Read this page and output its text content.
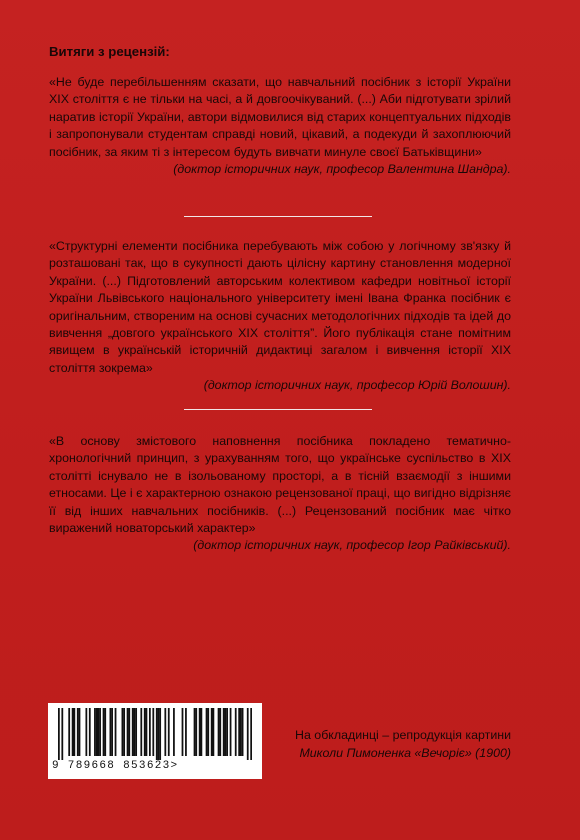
Витяги з рецензій:

«Не буде перебільшенням сказати, що навчальний посібник з історії України ХІХ століття є не тільки на часі, а й довгоочікуваний. (...) Аби підготувати зрілий наратив історії України, автори відмовилися від старих концептуальних підходів і запропонували студентам справді новий, цікавий, а подекуди й захоплюючий посібник, за яким ті з інтересом будуть вивчати минуле своєї Батьківщини»

(доктор історичних наук, професор Валентина Шандра).

«Структурні елементи посібника перебувають між собою у логічному зв'язку й розташовані так, що в сукупності дають цілісну картину становлення модерної України. (...) Підготовлений авторським колективом кафедри новітньої історії України Львівського національного університету імені Івана Франка посібник є оригінальним, створеним на основі сучасних методологічних підходів та ідей до вивчення „довгого українського ХІХ століття”. Його публікація стане помітним явищем в українській історичній дидактиці загалом і вивчення історії ХІХ століття зокрема»

(доктор історичних наук, професор Юрій Волошин).

«В основу змістового наповнення посібника покладено тематично-хронологічний принцип, з урахуванням того, що українське суспільство в ХІХ столітті існувало не в ізольованому просторі, а в тісній взаємодії з іншими етносами. Це і є характерною ознакою рецензованої праці, що вигідно відрізняє її від інших навчальних посібників. (...) Рецензований посібник має чітко виражений новаторський характер»

(доктор історичних наук, професор Ігор Райківський).

9 789668 853623>
На обкладинці – репродукція картини
Миколи Пимоненка «Вечоріє» (1900)
